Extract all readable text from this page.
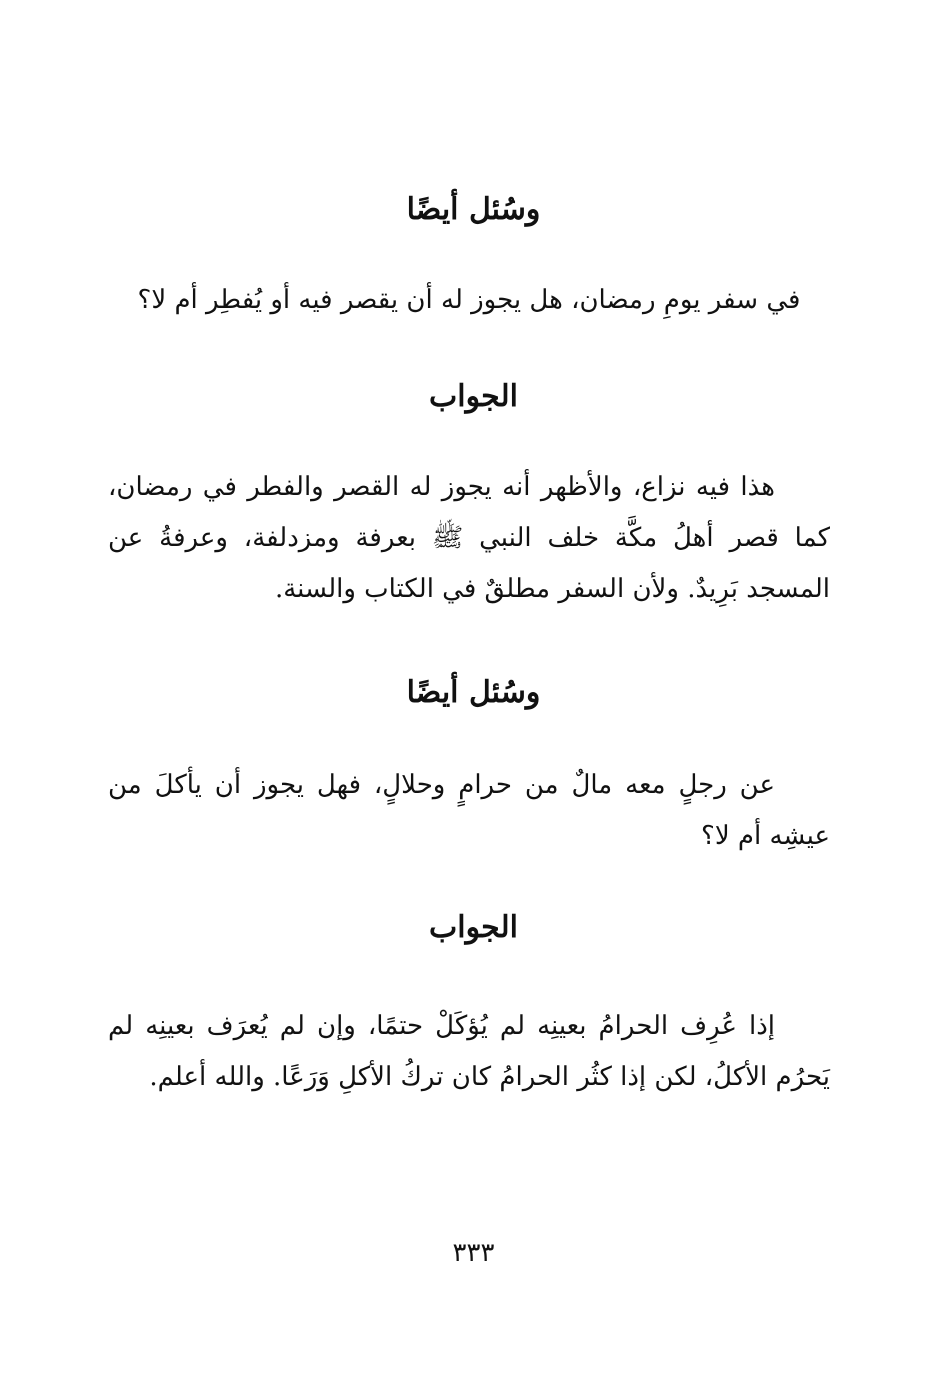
وسُئل أيضًا
في سفر يومِ رمضان، هل يجوز له أن يقصر فيه أو يُفطِر أم لا؟
الجواب
هذا فيه نزاع، والأظهر أنه يجوز له القصر والفطر في رمضان، كما قصر أهلُ مكَّة خلف النبي ﷺ بعرفة ومزدلفة، وعرفةُ عن المسجد بَرِيدٌ. ولأن السفر مطلقٌ في الكتاب والسنة.
وسُئل أيضًا
عن رجلٍ معه مالٌ من حرامٍ وحلالٍ، فهل يجوز أن يأكلَ من عيشِه أم لا؟
الجواب
إذا عُرِف الحرامُ بعينِه لم يُؤكَلْ حتمًا، وإن لم يُعرَف بعينِه لم يَحرُم الأكلُ، لكن إذا كثُر الحرامُ كان تركُ الأكلِ وَرَعًا. والله أعلم.
٣٣٣
